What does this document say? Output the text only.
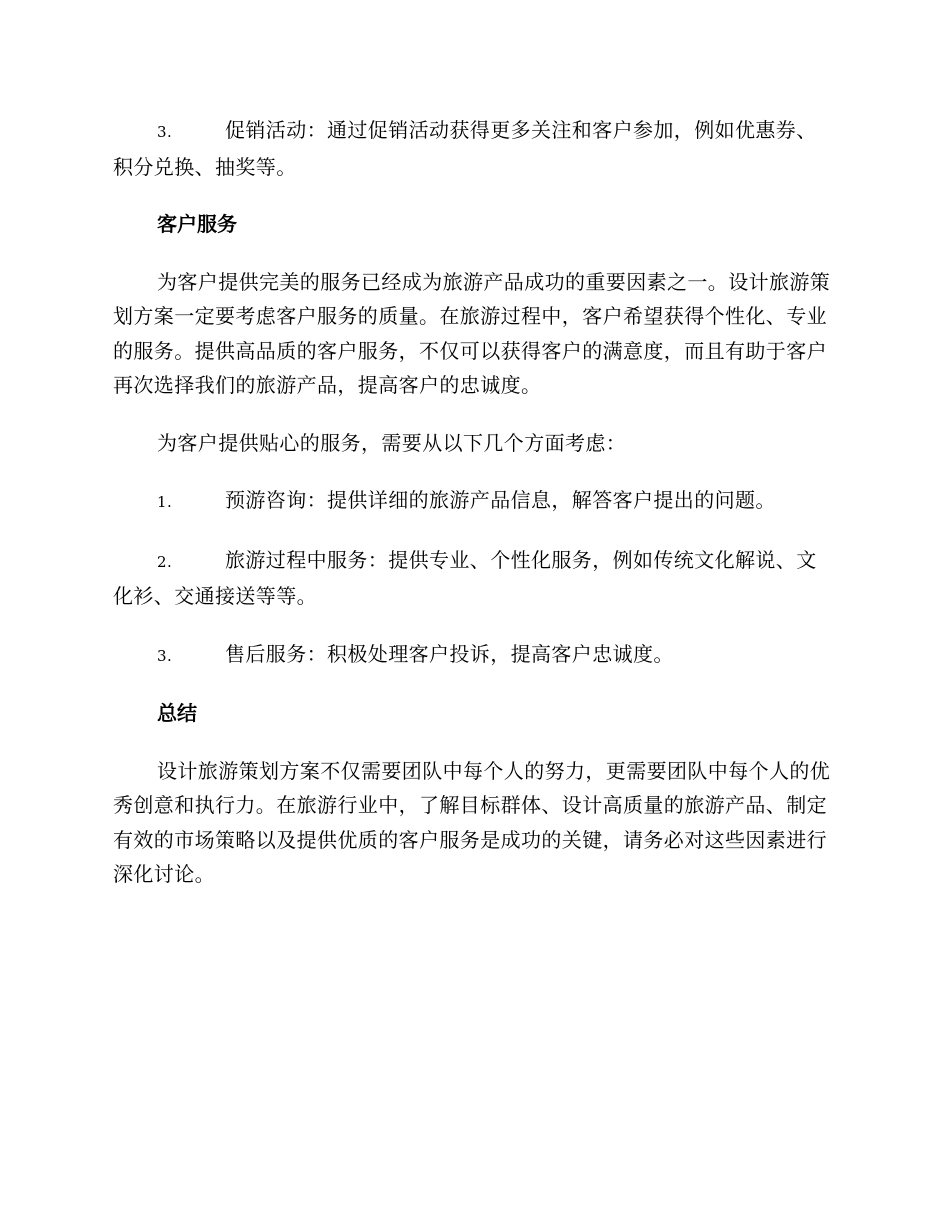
3.	促销活动：通过促销活动获得更多关注和客户参加，例如优惠券、积分兑换、抽奖等。

客户服务

为客户提供完美的服务已经成为旅游产品成功的重要因素之一。设计旅游策划方案一定要考虑客户服务的质量。在旅游过程中，客户希望获得个性化、专业的服务。提供高品质的客户服务，不仅可以获得客户的满意度，而且有助于客户再次选择我们的旅游产品，提高客户的忠诚度。

为客户提供贴心的服务，需要从以下几个方面考虑：

1.	预游咨询：提供详细的旅游产品信息，解答客户提出的问题。

2.	旅游过程中服务：提供专业、个性化服务，例如传统文化解说、文化衫、交通接送等等。

3.	售后服务：积极处理客户投诉，提高客户忠诚度。

总结

设计旅游策划方案不仅需要团队中每个人的努力，更需要团队中每个人的优秀创意和执行力。在旅游行业中，了解目标群体、设计高质量的旅游产品、制定有效的市场策略以及提供优质的客户服务是成功的关键，请务必对这些因素进行深化讨论。
